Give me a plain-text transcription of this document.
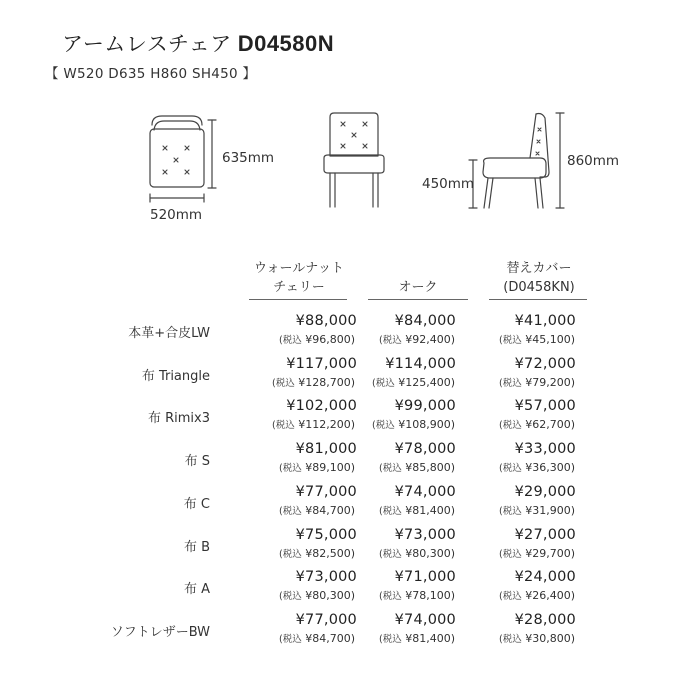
アームレスチェア D04580N
【 W520 D635 H860 SH450 】
635mm
520mm
450mm
860mm
ウォールナット
チェリー
	オーク
替えカバー
(D0458KN)
本革+合皮LW
¥88,000
(税込 ¥96,800)
¥84,000
(税込 ¥92,400)
¥41,000
(税込 ¥45,100)
布 Triangle
¥117,000
(税込 ¥128,700)
¥114,000
(税込 ¥125,400)
¥72,000
(税込 ¥79,200)
布 Rimix3
¥102,000
(税込 ¥112,200)
¥99,000
(税込 ¥108,900)
¥57,000
(税込 ¥62,700)
布 S
¥81,000
(税込 ¥89,100)
¥78,000
(税込 ¥85,800)
¥33,000
(税込 ¥36,300)
布 C
¥77,000
(税込 ¥84,700)
¥74,000
(税込 ¥81,400)
¥29,000
(税込 ¥31,900)
布 B
¥75,000
(税込 ¥82,500)
¥73,000
(税込 ¥80,300)
¥27,000
(税込 ¥29,700)
布 A
¥73,000
(税込 ¥80,300)
¥71,000
(税込 ¥78,100)
¥24,000
(税込 ¥26,400)
ソフトレザーBW
¥77,000
(税込 ¥84,700)
¥74,000
(税込 ¥81,400)
¥28,000
(税込 ¥30,800)
